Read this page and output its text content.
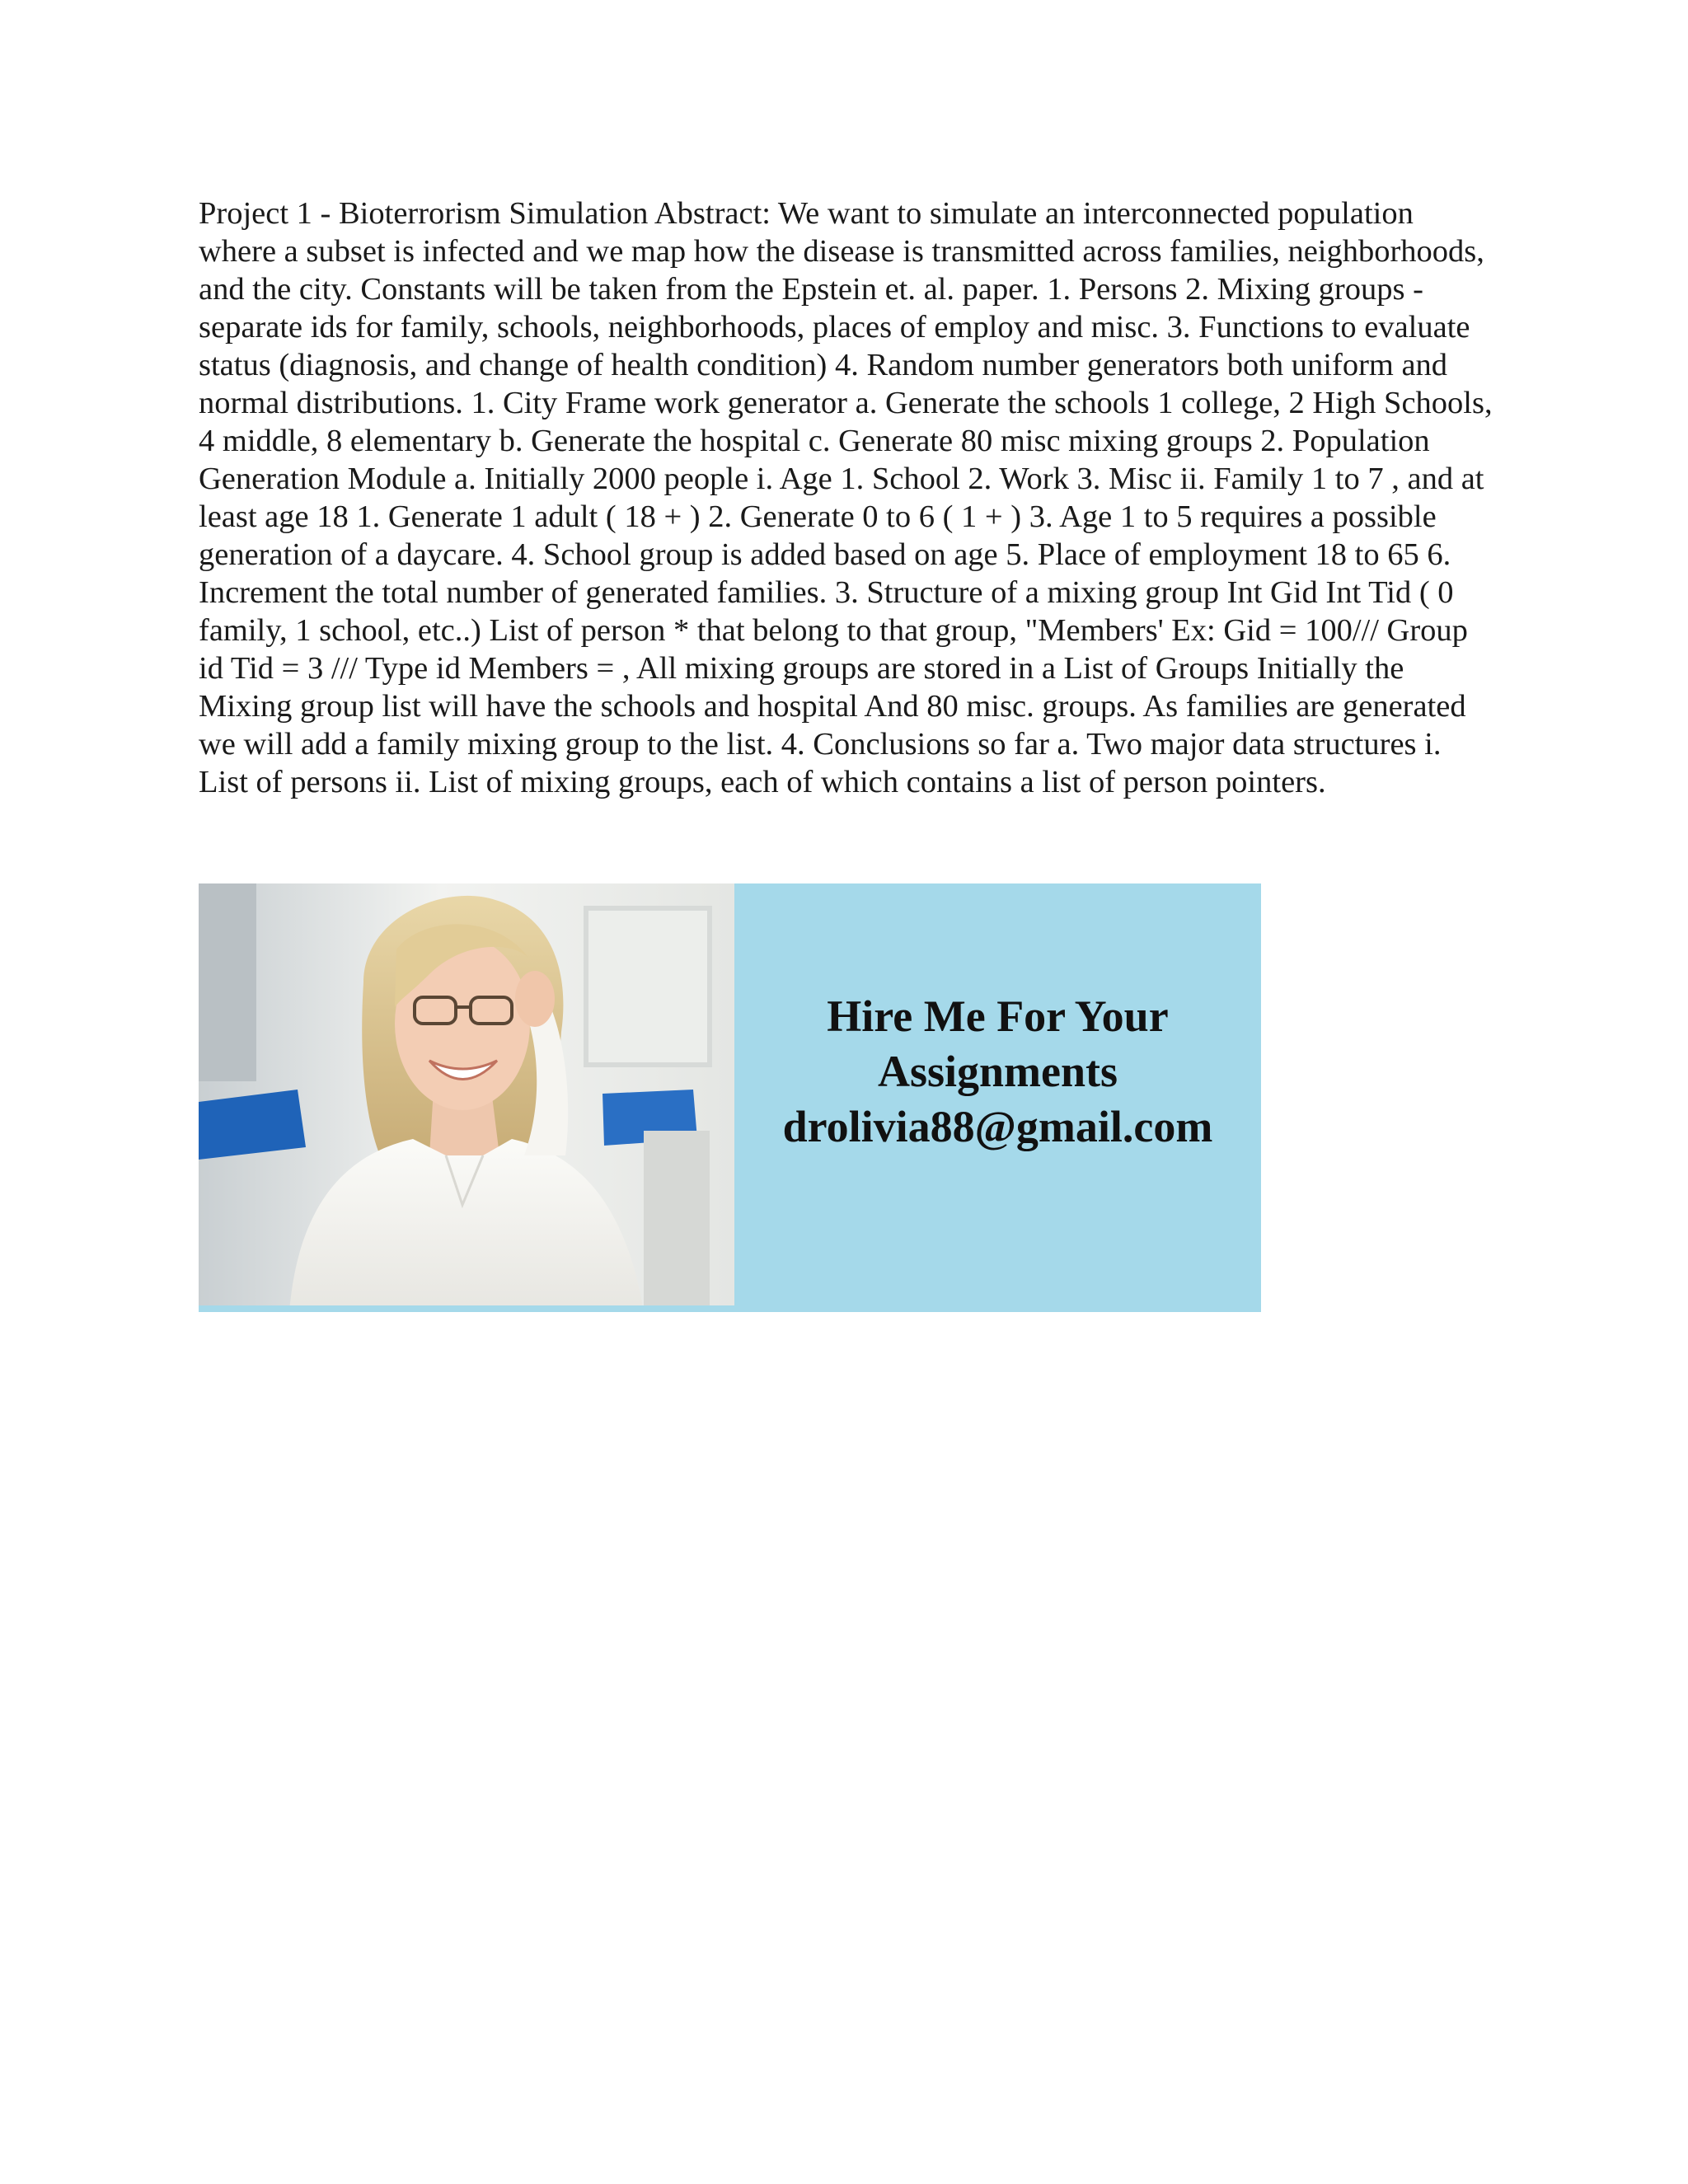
Project 1 - Bioterrorism Simulation Abstract: We want to simulate an interconnected population where a subset is infected and we map how the disease is transmitted across families, neighborhoods, and the city. Constants will be taken from the Epstein et. al. paper. 1. Persons 2. Mixing groups - separate ids for family, schools, neighborhoods, places of employ and misc. 3. Functions to evaluate status (diagnosis, and change of health condition) 4. Random number generators both uniform and normal distributions. 1. City Frame work generator a. Generate the schools 1 college, 2 High Schools, 4 middle, 8 elementary b. Generate the hospital c. Generate 80 misc mixing groups 2. Population Generation Module a. Initially 2000 people i. Age 1. School 2. Work 3. Misc ii. Family 1 to 7 , and at least age 18 1. Generate 1 adult ( 18 + ) 2. Generate 0 to 6 ( 1 + ) 3. Age 1 to 5 requires a possible generation of a daycare. 4. School group is added based on age 5. Place of employment 18 to 65 6. Increment the total number of generated families. 3. Structure of a mixing group Int Gid Int Tid ( 0 family, 1 school, etc..) List of person * that belong to that group, "Members' Ex: Gid = 100/// Group id Tid = 3 /// Type id Members = , All mixing groups are stored in a List of Groups Initially the Mixing group list will have the schools and hospital And 80 misc. groups. As families are generated we will add a family mixing group to the list. 4. Conclusions so far a. Two major data structures i. List of persons ii. List of mixing groups, each of which contains a list of person pointers.

Hire Me For Your
Assignments
drolivia88@gmail.com
